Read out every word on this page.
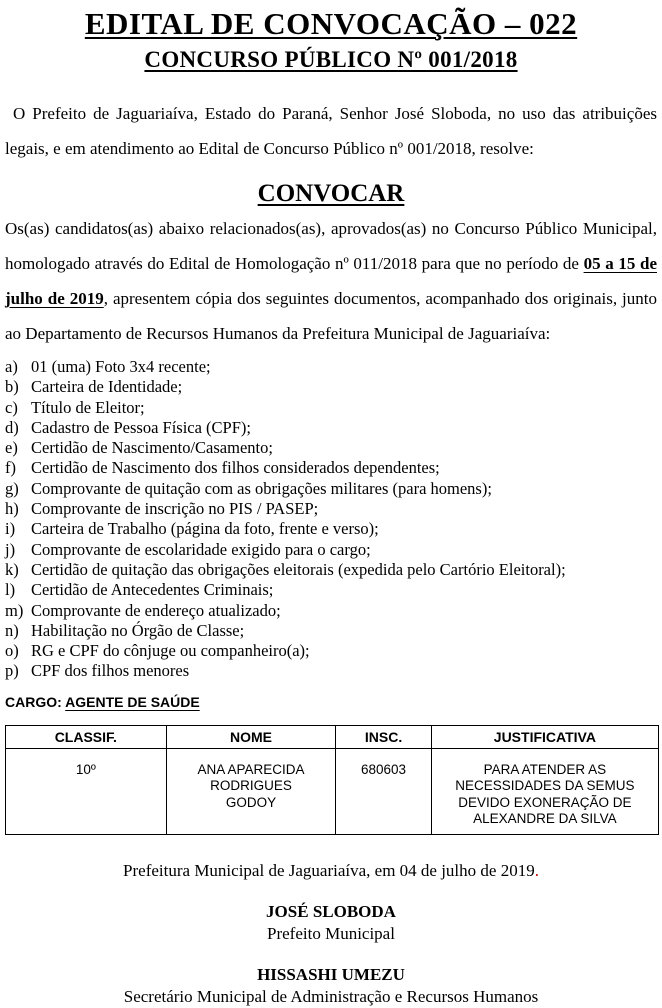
EDITAL DE CONVOCAÇÃO – 022
CONCURSO PÚBLICO Nº 001/2018

O Prefeito de Jaguariaíva, Estado do Paraná, Senhor José Sloboda, no uso das atribuições legais, e em atendimento ao Edital de Concurso Público nº 001/2018, resolve:

CONVOCAR

Os(as) candidatos(as) abaixo relacionados(as), aprovados(as) no Concurso Público Municipal, homologado através do Edital de Homologação nº 011/2018 para que no período de 05 a 15 de julho de 2019, apresentem cópia dos seguintes documentos, acompanhado dos originais, junto ao Departamento de Recursos Humanos da Prefeitura Municipal de Jaguariaíva:

a) 01 (uma) Foto 3x4 recente;
b) Carteira de Identidade;
c) Título de Eleitor;
d) Cadastro de Pessoa Física (CPF);
e) Certidão de Nascimento/Casamento;
f) Certidão de Nascimento dos filhos considerados dependentes;
g) Comprovante de quitação com as obrigações militares (para homens);
h) Comprovante de inscrição no PIS / PASEP;
i) Carteira de Trabalho (página da foto, frente e verso);
j) Comprovante de escolaridade exigido para o cargo;
k) Certidão de quitação das obrigações eleitorais (expedida pelo Cartório Eleitoral);
l) Certidão de Antecedentes Criminais;
m) Comprovante de endereço atualizado;
n) Habilitação no Órgão de Classe;
o) RG e CPF do cônjuge ou companheiro(a);
p) CPF dos filhos menores
CARGO: AGENTE DE SAÚDE
CLASSIF.	NOME	INSC.	JUSTIFICATIVA
10º	ANA APARECIDA RODRIGUES GODOY	680603	PARA ATENDER AS NECESSIDADES DA SEMUS DEVIDO EXONERAÇÃO DE ALEXANDRE DA SILVA

Prefeitura Municipal de Jaguariaíva, em 04 de julho de 2019.

JOSÉ SLOBODA
Prefeito Municipal
HISSASHI UMEZU
Secretário Municipal de Administração e Recursos Humanos
